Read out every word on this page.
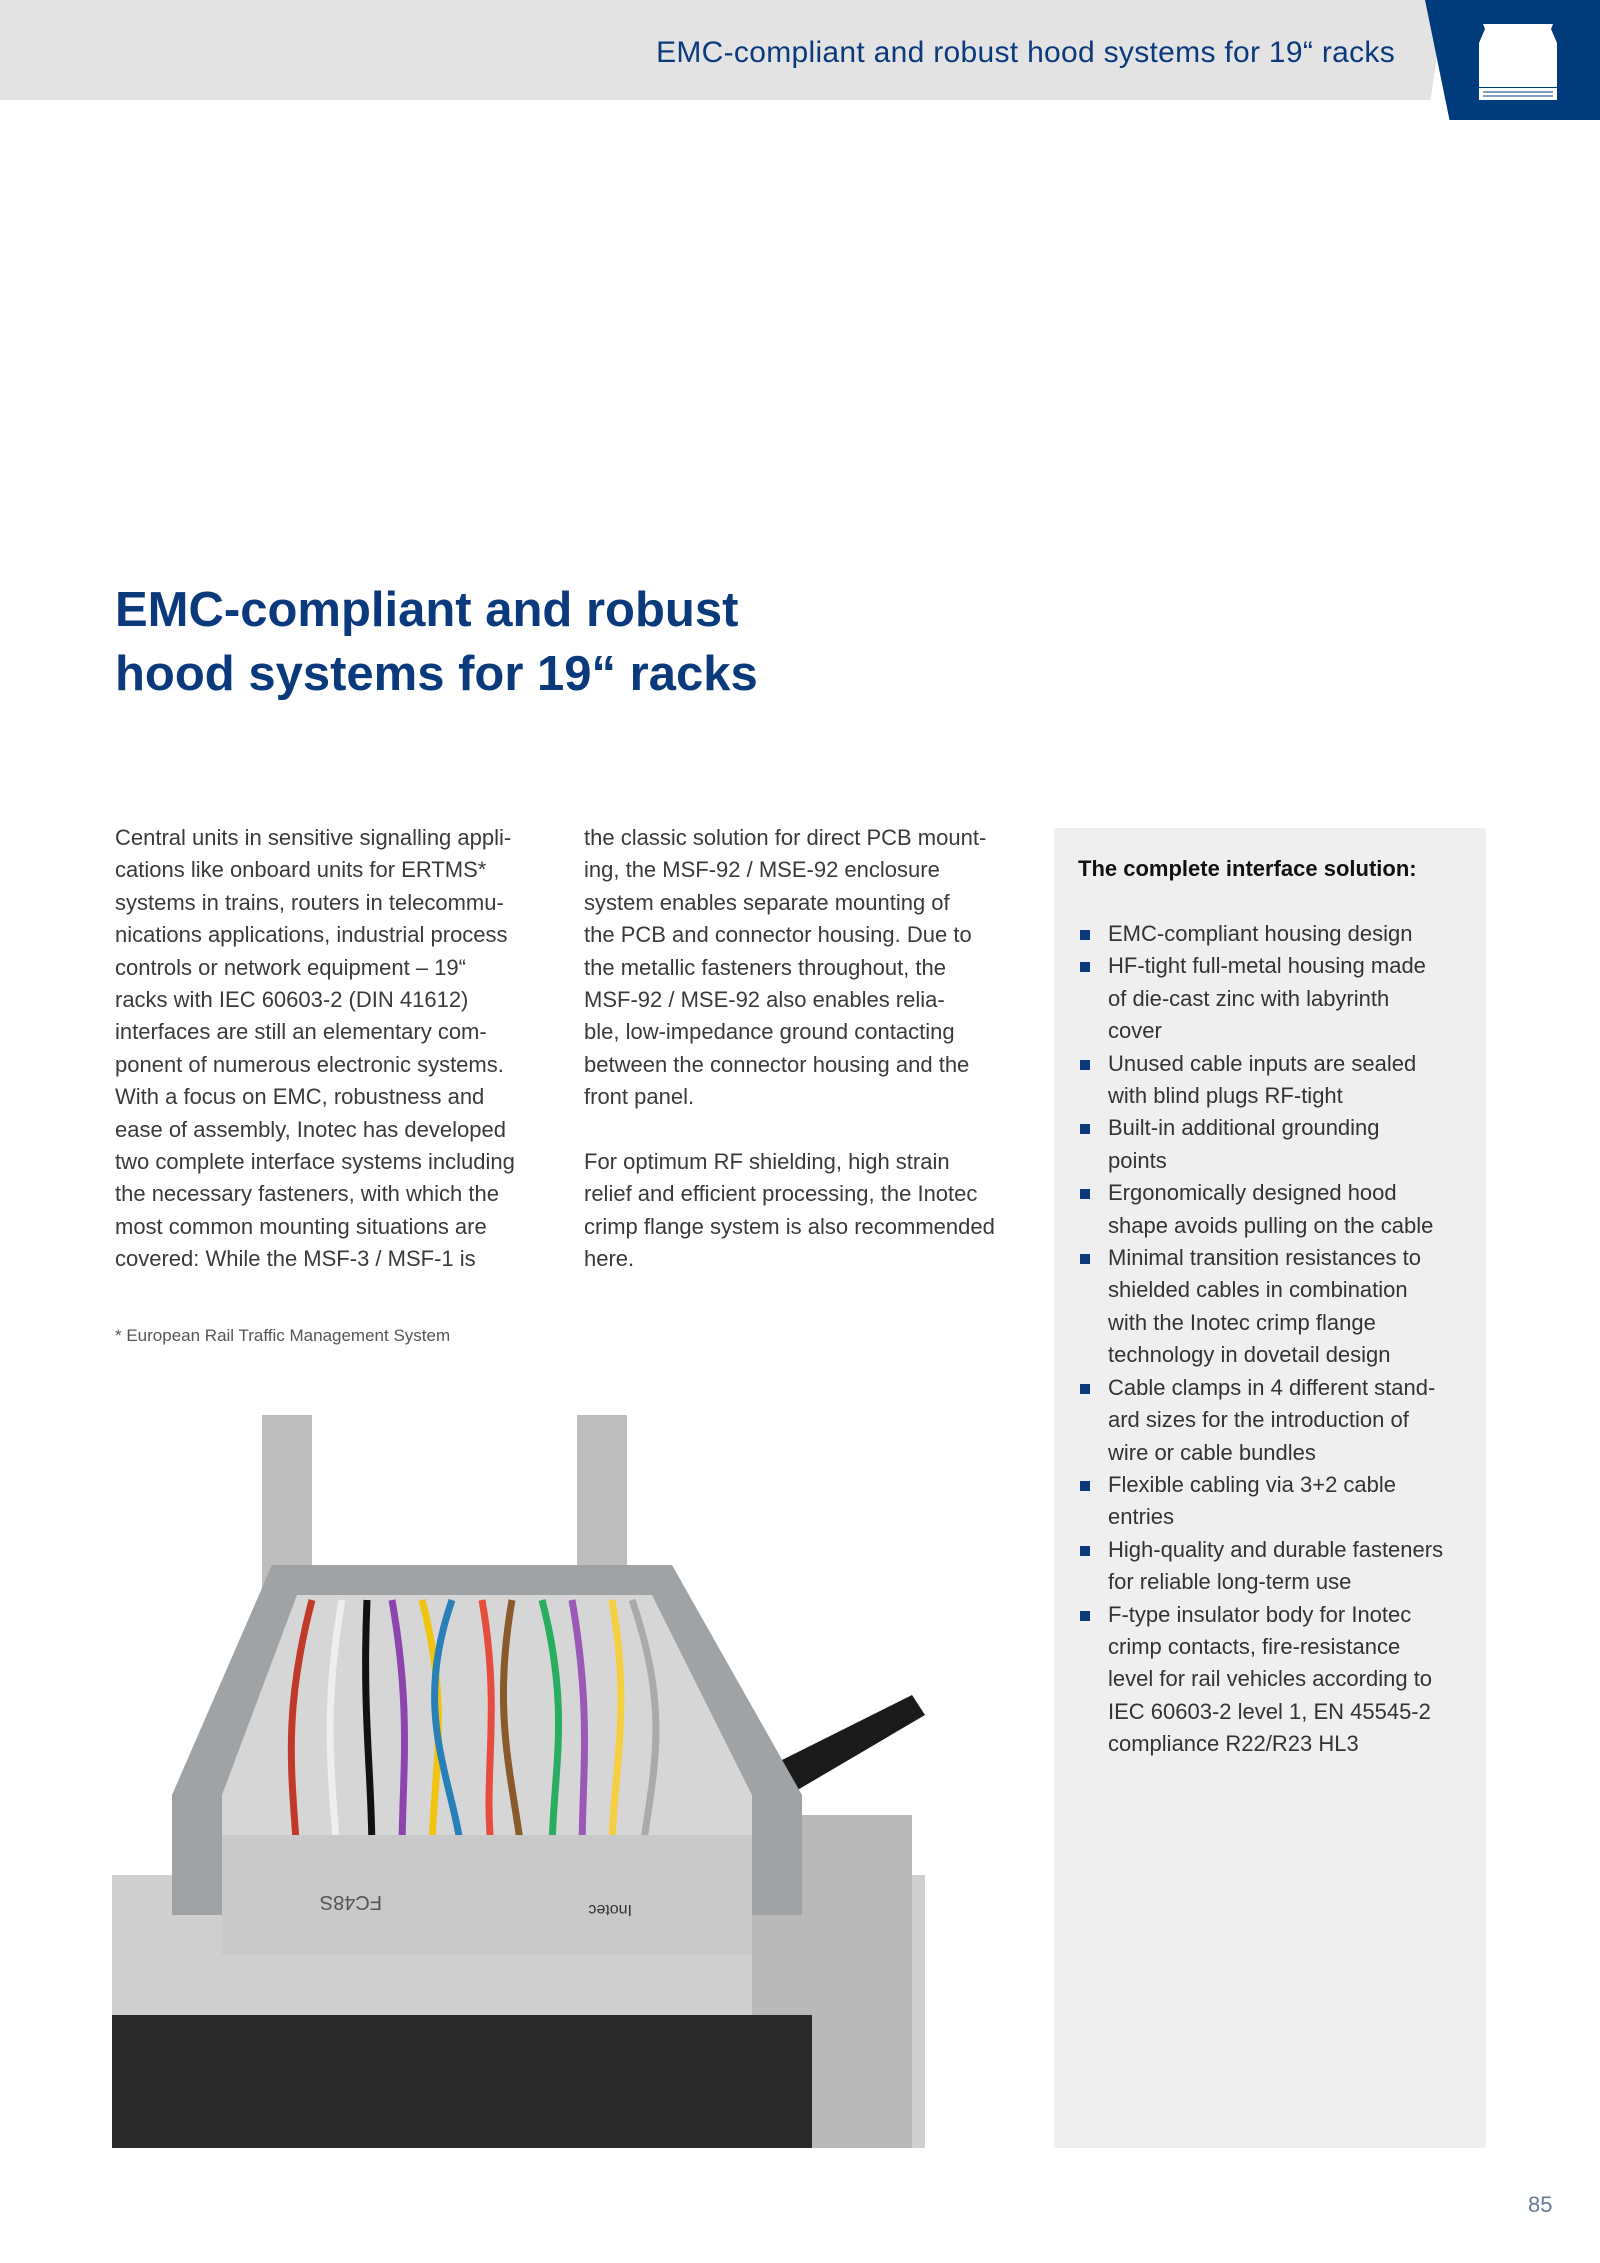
EMC-compliant and robust hood systems for 19“ racks
EMC-compliant and robust
hood systems for 19“ racks
Central units in sensitive signalling appli-
cations like onboard units for ERTMS*
systems in trains, routers in telecommu-
nications applications, industrial process
controls or network equipment – 19“
racks with IEC 60603-2 (DIN 41612)
interfaces are still an elementary com-
ponent of numerous electronic systems.
With a focus on EMC, robustness and
ease of assembly, Inotec has developed
two complete interface systems including
the necessary fasteners, with which the
most common mounting situations are
covered: While the MSF-3 / MSF-1 is
the classic solution for direct PCB mount-
ing, the MSF-92 / MSE-92 enclosure
system enables separate mounting of
the PCB and connector housing. Due to
the metallic fasteners throughout, the
MSF-92 / MSE-92 also enables relia-
ble, low-impedance ground contacting
between the connector housing and the
front panel.
For optimum RF shielding, high strain
relief and efficient processing, the Inotec
crimp flange system is also recommended
here.
* European Rail Traffic Management System
FC48S	Inotec
The complete interface solution:
EMC-compliant housing design
HF-tight full-metal housing made
of die-cast zinc with labyrinth
cover
Unused cable inputs are sealed
with blind plugs RF-tight
Built-in additional grounding
points
Ergonomically designed hood
shape avoids pulling on the cable
Minimal transition resistances to
shielded cables in combination
with the Inotec crimp flange
technology in dovetail design
Cable clamps in 4 different stand-
ard sizes for the introduction of
wire or cable bundles
Flexible cabling via 3+2 cable
entries
High-quality and durable fasteners
for reliable long-term use
F-type insulator body for Inotec
crimp contacts, fire-resistance
level for rail vehicles according to
IEC 60603-2 level 1, EN 45545-2
compliance R22/R23 HL3
85
